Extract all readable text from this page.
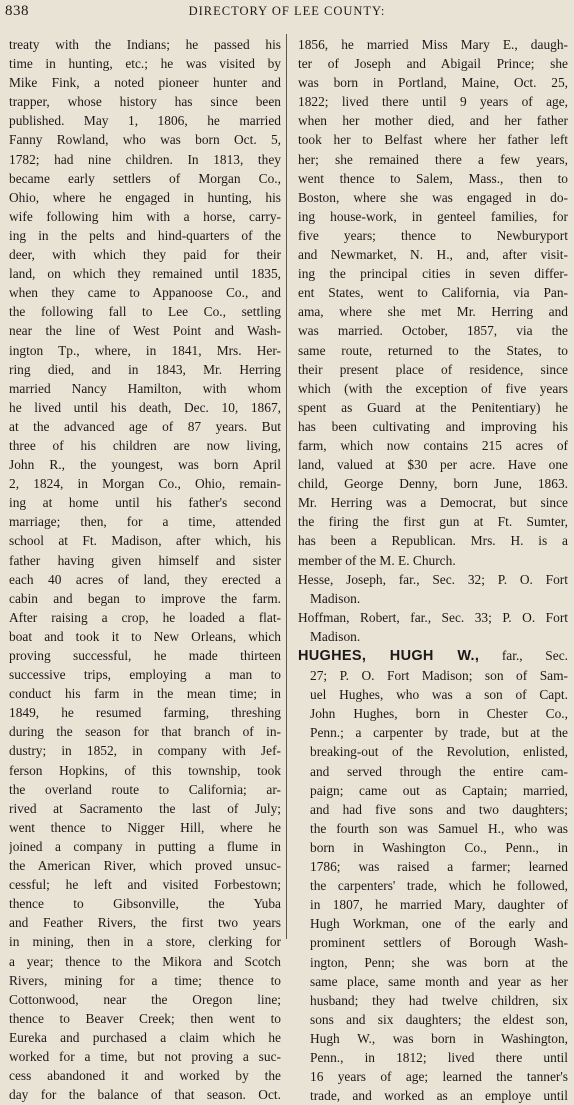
838	DIRECTORY OF LEE COUNTY:
treaty with the Indians; he passed his
time in hunting, etc.; he was visited by
Mike Fink, a noted pioneer hunter and
trapper, whose history has since been
published. May 1, 1806, he married
Fanny Rowland, who was born Oct. 5,
1782; had nine children. In 1813, they
became early settlers of Morgan Co.,
Ohio, where he engaged in hunting, his
wife following him with a horse, carry-
ing in the pelts and hind-quarters of the
deer, with which they paid for their
land, on which they remained until 1835,
when they came to Appanoose Co., and
the following fall to Lee Co., settling
near the line of West Point and Wash-
ington Tp., where, in 1841, Mrs. Her-
ring died, and in 1843, Mr. Herring
married Nancy Hamilton, with whom
he lived until his death, Dec. 10, 1867,
at the advanced age of 87 years. But
three of his children are now living,
John R., the youngest, was born April
2, 1824, in Morgan Co., Ohio, remain-
ing at home until his father's second
marriage; then, for a time, attended
school at Ft. Madison, after which, his
father having given himself and sister
each 40 acres of land, they erected a
cabin and began to improve the farm.
After raising a crop, he loaded a flat-
boat and took it to New Orleans, which
proving successful, he made thirteen
successive trips, employing a man to
conduct his farm in the mean time; in
1849, he resumed farming, threshing
during the season for that branch of in-
dustry; in 1852, in company with Jef-
ferson Hopkins, of this township, took
the overland route to California; ar-
rived at Sacramento the last of July;
went thence to Nigger Hill, where he
joined a company in putting a flume in
the American River, which proved unsuc-
cessful; he left and visited Forbestown;
thence to Gibsonville, the Yuba
and Feather Rivers, the first two years
in mining, then in a store, clerking for
a year; thence to the Mikora and Scotch
Rivers, mining for a time; thence to
Cottonwood, near the Oregon line;
thence to Beaver Creek; then went to
Eureka and purchased a claim which he
worked for a time, but not proving a suc-
cess abandoned it and worked by the
day for the balance of that season. Oct.
1856, he married Miss Mary E., daugh-
ter of Joseph and Abigail Prince; she
was born in Portland, Maine, Oct. 25,
1822; lived there until 9 years of age,
when her mother died, and her father
took her to Belfast where her father left
her; she remained there a few years,
went thence to Salem, Mass., then to
Boston, where she was engaged in do-
ing house-work, in genteel families, for
five years; thence to Newburyport
and Newmarket, N. H., and, after visit-
ing the principal cities in seven differ-
ent States, went to California, via Pan-
ama, where she met Mr. Herring and
was married. October, 1857, via the
same route, returned to the States, to
their present place of residence, since
which (with the exception of five years
spent as Guard at the Penitentiary) he
has been cultivating and improving his
farm, which now contains 215 acres of
land, valued at $30 per acre. Have one
child, George Denny, born June, 1863.
Mr. Herring was a Democrat, but since
the firing the first gun at Ft. Sumter,
has been a Republican. Mrs. H. is a
member of the M. E. Church.
Hesse, Joseph, far., Sec. 32; P. O. Fort
Madison.
Hoffman, Robert, far., Sec. 33; P. O. Fort
Madison.
HUGHES, HUGH W., far., Sec.
27; P. O. Fort Madison; son of Sam-
uel Hughes, who was a son of Capt.
John Hughes, born in Chester Co.,
Penn.; a carpenter by trade, but at the
breaking-out of the Revolution, enlisted,
and served through the entire cam-
paign; came out as Captain; married,
and had five sons and two daughters;
the fourth son was Samuel H., who was
born in Washington Co., Penn., in
1786; was raised a farmer; learned
the carpenters' trade, which he followed,
in 1807, he married Mary, daughter of
Hugh Workman, one of the early and
prominent settlers of Borough Wash-
ington, Penn; she was born at the
same place, same month and year as her
husband; they had twelve children, six
sons and six daughters; the eldest son,
Hugh W., was born in Washington,
Penn., in 1812; lived there until
16 years of age; learned the tanner's
trade, and worked as an employe until
